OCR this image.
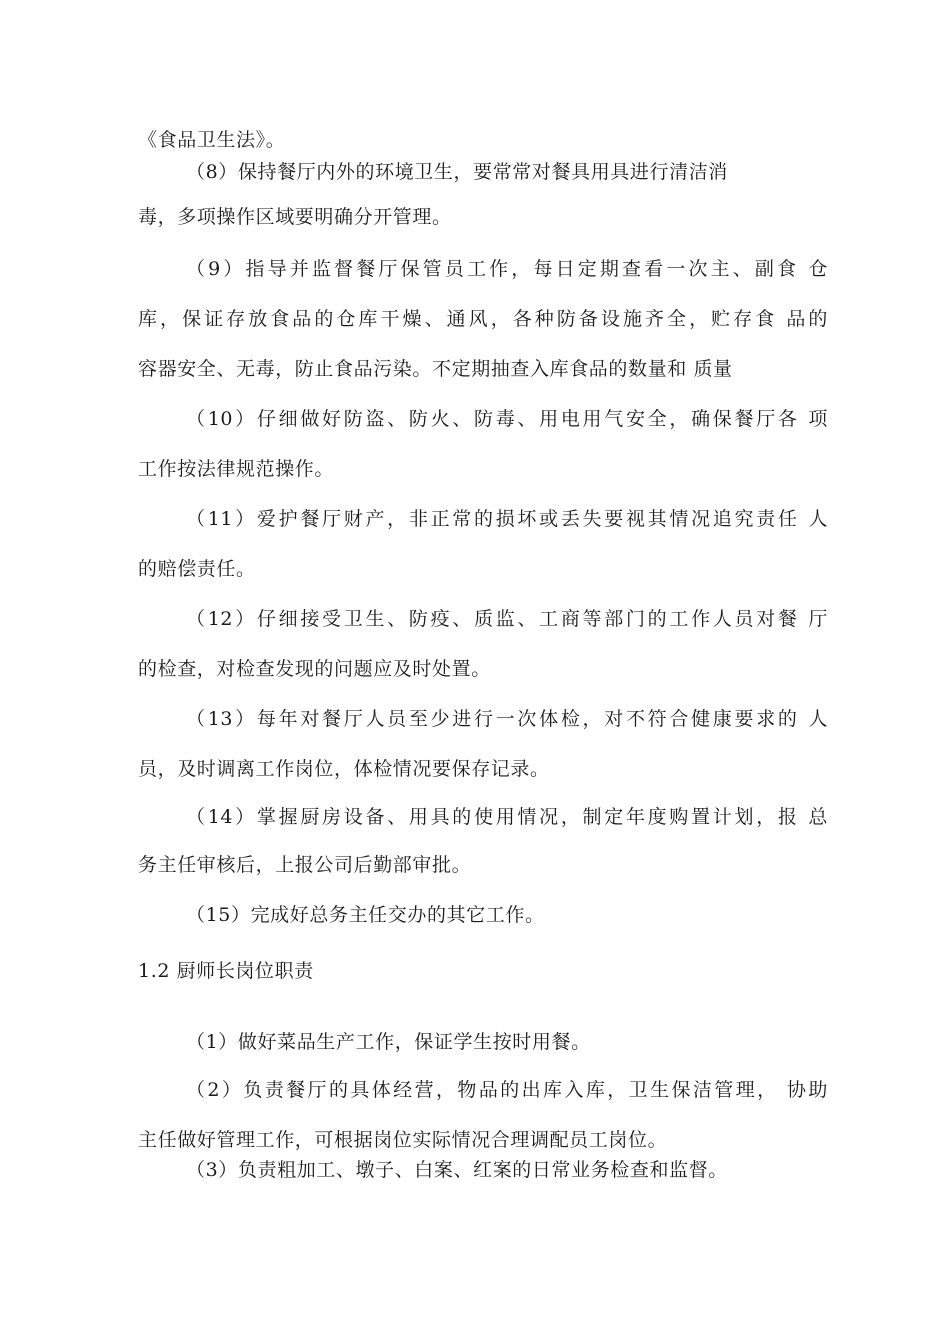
《食品卫生法》。
（8）保持餐厅内外的环境卫生，要常常对餐具用具进行清洁消
毒，多项操作区域要明确分开管理。
（9）指导并监督餐厅保管员工作，每日定期查看一次主、副食 仓
库，保证存放食品的仓库干燥、通风，各种防备设施齐全，贮存食 品的
容器安全、无毒，防止食品污染。不定期抽查入库食品的数量和 质量
（10）仔细做好防盗、防火、防毒、用电用气安全，确保餐厅各 项
工作按法律规范操作。
（11）爱护餐厅财产，非正常的损坏或丢失要视其情况追究责任 人
的赔偿责任。
（12）仔细接受卫生、防疫、质监、工商等部门的工作人员对餐 厅
的检查，对检查发现的问题应及时处置。
（13）每年对餐厅人员至少进行一次体检，对不符合健康要求的 人
员，及时调离工作岗位，体检情况要保存记录。
（14）掌握厨房设备、用具的使用情况，制定年度购置计划，报 总
务主任审核后，上报公司后勤部审批。
（15）完成好总务主任交办的其它工作。
1.2 厨师长岗位职责
（1）做好菜品生产工作，保证学生按时用餐。
（2）负责餐厅的具体经营，物品的出库入库，卫生保洁管理， 协助
主任做好管理工作，可根据岗位实际情况合理调配员工岗位。
（3）负责粗加工、墩子、白案、红案的日常业务检查和监督。
